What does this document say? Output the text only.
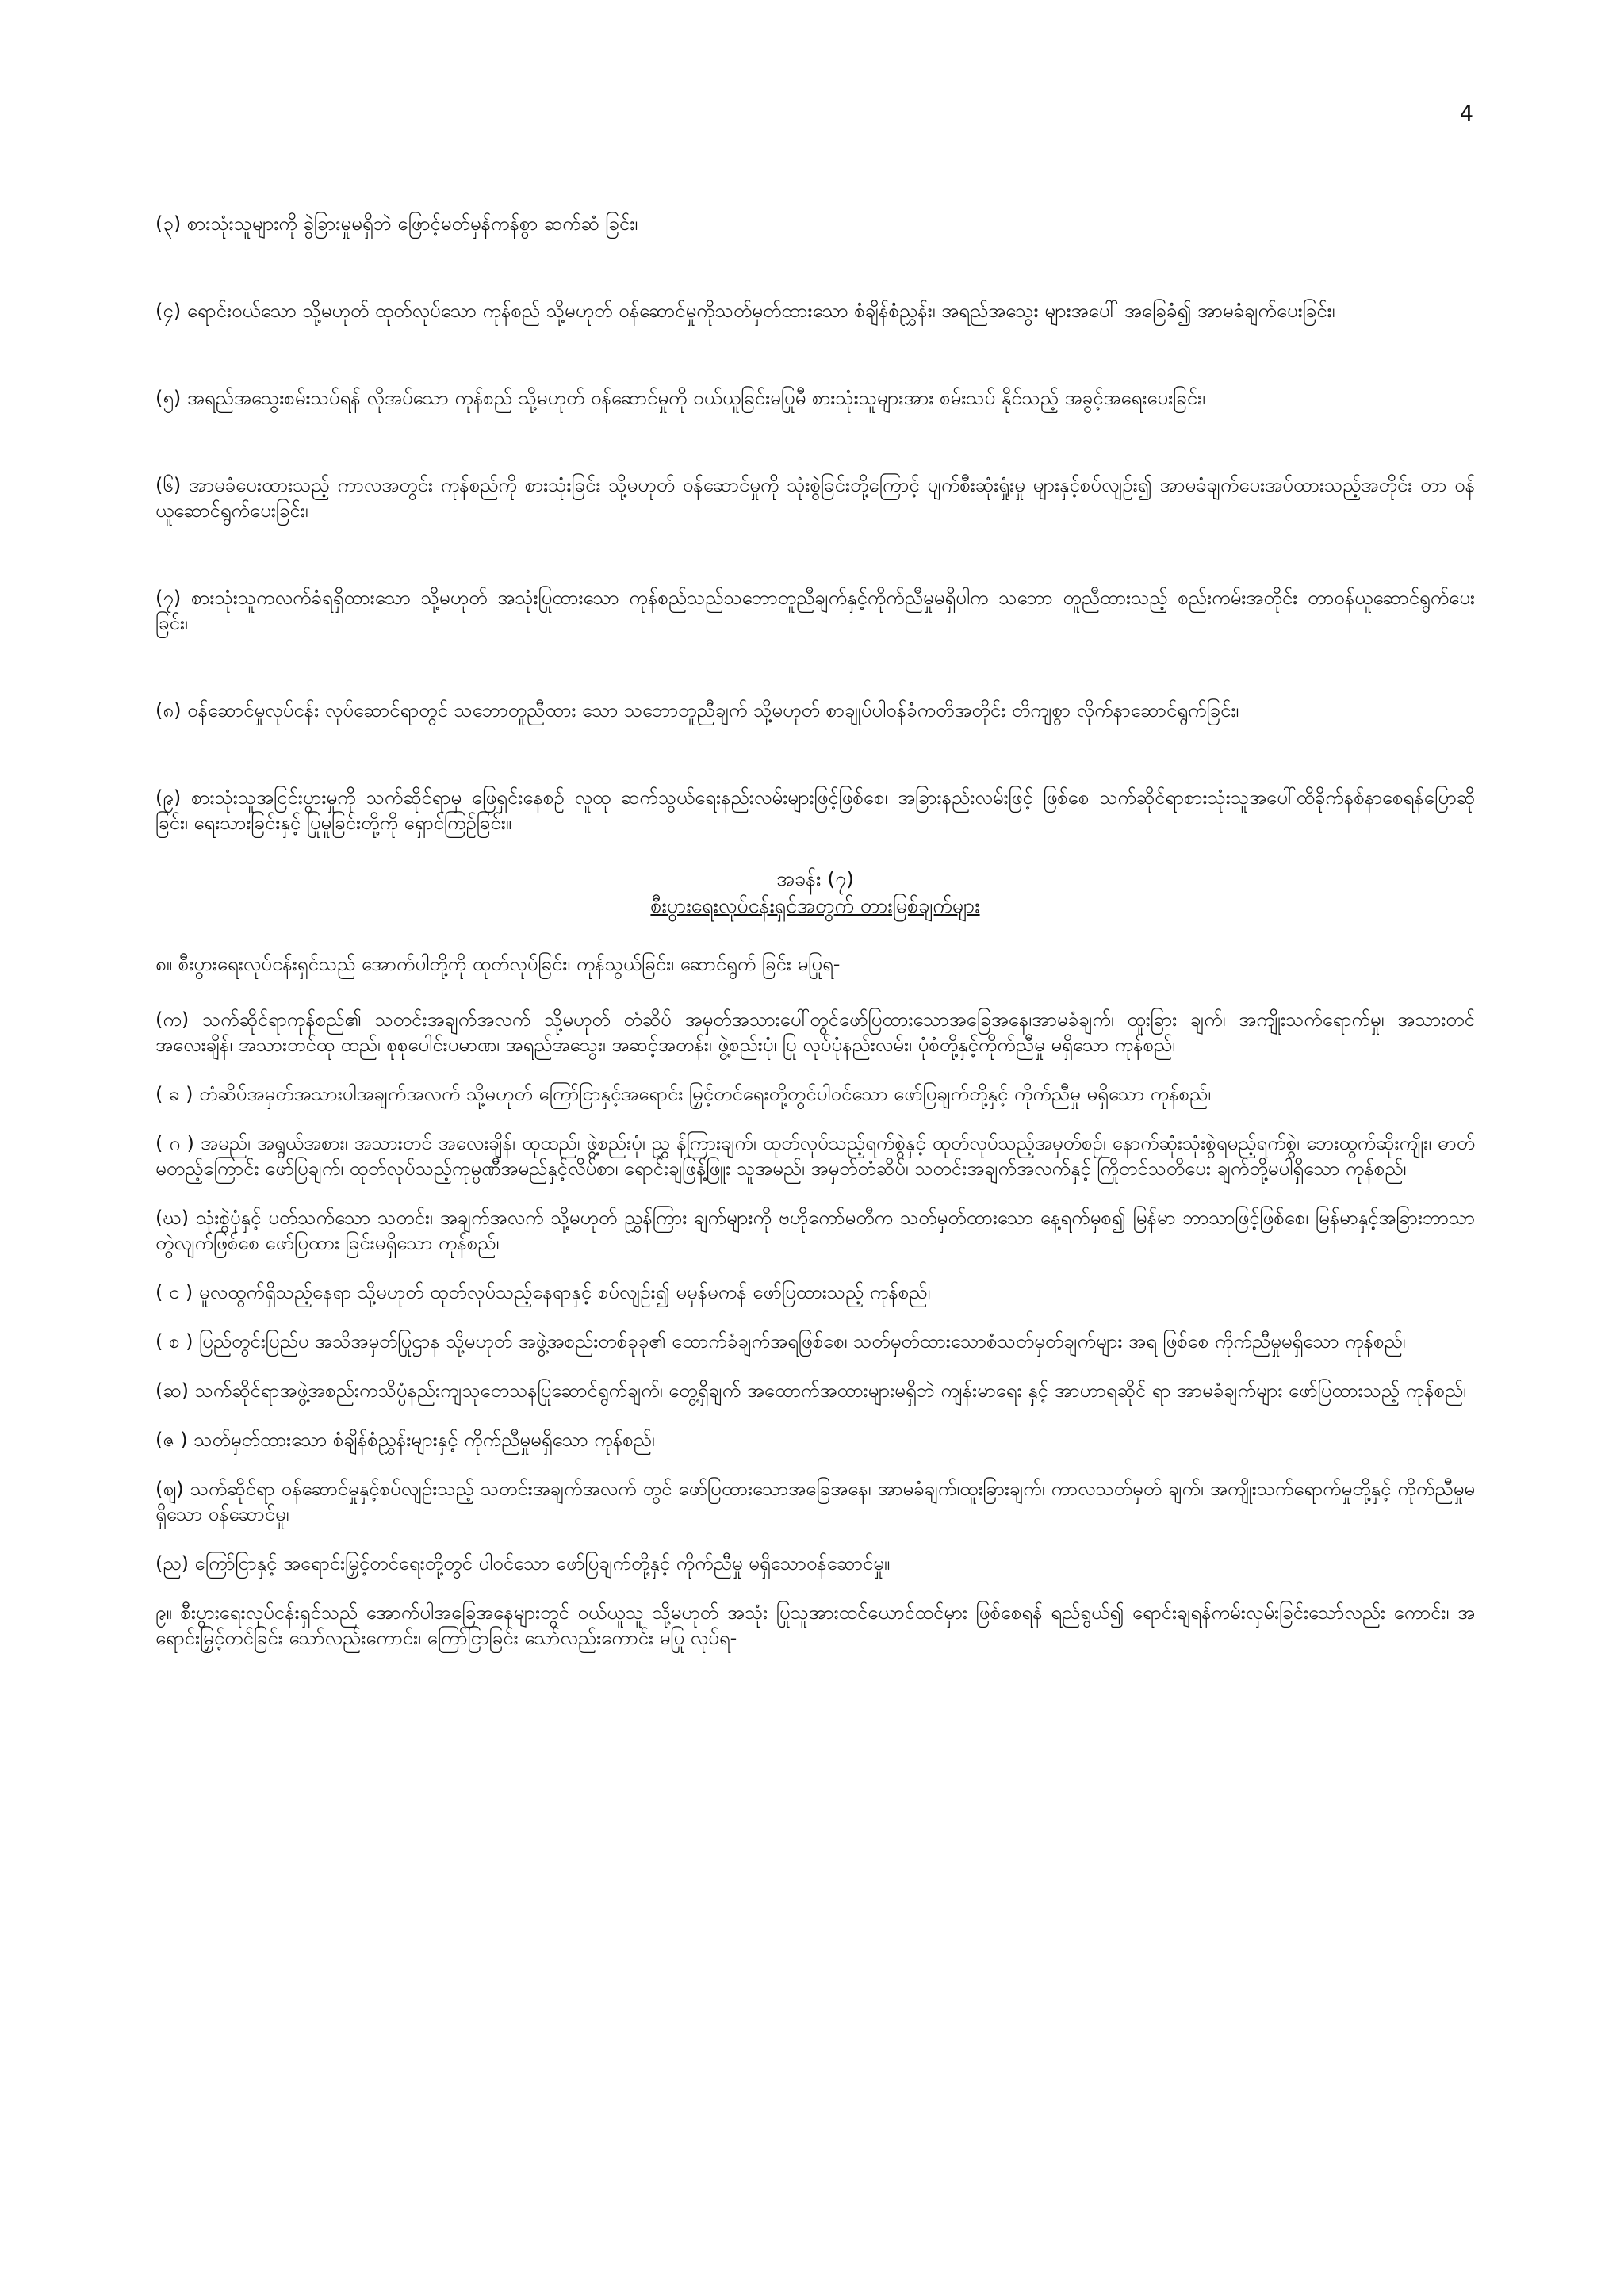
4

(၃) စားသုံးသူများကို ခွဲခြားမှုမရှိဘဲ ဖြောင့်မတ်မှန်ကန်စွာ ဆက်ဆံ ခြင်း၊

(၄) ရောင်းဝယ်သော သို့မဟုတ် ထုတ်လုပ်သော ကုန်စည် သို့မဟုတ် ဝန်ဆောင်မှုကိုသတ်မှတ်ထားသော စံချိန်စံညွှန်း၊ အရည်အသွေး များအပေါ် အခြေခံ၍ အာမခံချက်ပေးခြင်း၊

(၅) အရည်အသွေးစမ်းသပ်ရန် လိုအပ်သော ကုန်စည် သို့မဟုတ် ဝန်ဆောင်မှုကို ဝယ်ယူခြင်းမပြုမီ စားသုံးသူများအား စမ်းသပ် နိုင်သည့် အခွင့်အရေးပေးခြင်း၊

(၆) အာမခံပေးထားသည့် ကာလအတွင်း ကုန်စည်ကို စားသုံးခြင်း သို့မဟုတ် ဝန်ဆောင်မှုကို သုံးစွဲခြင်းတို့ကြောင့် ပျက်စီးဆုံးရှုံးမှု များနှင့်စပ်လျဉ်း၍ အာမခံချက်ပေးအပ်ထားသည့်အတိုင်း တာ ဝန်ယူဆောင်ရွက်ပေးခြင်း၊

(၇) စားသုံးသူကလက်ခံရရှိထားသော သို့မဟုတ် အသုံးပြုထားသော ကုန်စည်သည်သဘောတူညီချက်နှင့်ကိုက်ညီမှုမရှိပါက သဘော တူညီထားသည့် စည်းကမ်းအတိုင်း တာဝန်ယူဆောင်ရွက်ပေး ခြင်း၊

(၈) ဝန်ဆောင်မှုလုပ်ငန်း လုပ်ဆောင်ရာတွင် သဘောတူညီထား သော သဘောတူညီချက် သို့မဟုတ် စာချုပ်ပါဝန်ခံကတိအတိုင်း တိကျစွာ လိုက်နာဆောင်ရွက်ခြင်း၊

(၉) စားသုံးသူအငြင်းပွားမှုကို သက်ဆိုင်ရာမှ ဖြေရှင်းနေစဉ် လူထု ဆက်သွယ်ရေးနည်းလမ်းများဖြင့်ဖြစ်စေ၊ အခြားနည်းလမ်းဖြင့် ဖြစ်စေ သက်ဆိုင်ရာစားသုံးသူအပေါ်ထိခိုက်နစ်နာစေရန်ပြောဆို ခြင်း၊ ရေးသားခြင်းနှင့် ပြုမူခြင်းတို့ကို ရှောင်ကြဉ်ခြင်း။

အခန်း (၇)
စီးပွားရေးလုပ်ငန်းရှင်အတွက် တားမြစ်ချက်များ

၈။ စီးပွားရေးလုပ်ငန်းရှင်သည် အောက်ပါတို့ကို ထုတ်လုပ်ခြင်း၊ ကုန်သွယ်ခြင်း၊ ဆောင်ရွက် ခြင်း မပြုရ-

(က) သက်ဆိုင်ရာကုန်စည်၏ သတင်းအချက်အလက် သို့မဟုတ် တံဆိပ် အမှတ်အသားပေါ်တွင်ဖော်ပြထားသောအခြေအနေ၊အာမခံချက်၊ ထူးခြား ချက်၊ အကျိုးသက်ရောက်မှု၊ အသားတင်အလေးချိန်၊ အသားတင်ထု ထည်၊ စုစုပေါင်းပမာဏ၊ အရည်အသွေး၊ အဆင့်အတန်း၊ ဖွဲ့စည်းပုံ၊ ပြု လုပ်ပုံနည်းလမ်း၊ ပုံစံတို့နှင့်ကိုက်ညီမှု မရှိသော ကုန်စည်၊

( ခ ) တံဆိပ်အမှတ်အသားပါအချက်အလက် သို့မဟုတ် ကြော်ငြာနှင့်အရောင်း မြှင့်တင်ရေးတို့တွင်ပါဝင်သော ဖော်ပြချက်တို့နှင့် ကိုက်ညီမှု မရှိသော ကုန်စည်၊

( ဂ ) အမည်၊ အရွယ်အစား၊ အသားတင် အလေးချိန်၊ ထုထည်၊ ဖွဲ့စည်းပုံ၊ ညွှ န်ကြားချက်၊ ထုတ်လုပ်သည့်ရက်စွဲနှင့် ထုတ်လုပ်သည့်အမှတ်စဉ်၊ နောက်ဆုံးသုံးစွဲရမည့်ရက်စွဲ၊ ဘေးထွက်ဆိုးကျိုး၊ ဓာတ်မတည့်ကြောင်း ဖော်ပြချက်၊ ထုတ်လုပ်သည့်ကုမ္ပဏီအမည်နှင့်လိပ်စာ၊ ရောင်းချဖြန့်ဖြူး သူအမည်၊ အမှတ်တံဆိပ်၊ သတင်းအချက်အလက်နှင့် ကြိုတင်သတိပေး ချက်တို့မပါရှိသော ကုန်စည်၊

(ဃ) သုံးစွဲပုံနှင့် ပတ်သက်သော သတင်း၊ အချက်အလက် သို့မဟုတ် ညွှန်ကြား ချက်များကို ဗဟိုကော်မတီက သတ်မှတ်ထားသော နေ့ရက်မှစ၍ မြန်မာ ဘာသာဖြင့်ဖြစ်စေ၊ မြန်မာနှင့်အခြားဘာသာတွဲလျက်ဖြစ်စေ ဖော်ပြထား ခြင်းမရှိသော ကုန်စည်၊

( င ) မူလထွက်ရှိသည့်နေရာ သို့မဟုတ် ထုတ်လုပ်သည့်နေရာနှင့် စပ်လျဉ်း၍ မမှန်မကန် ဖော်ပြထားသည့် ကုန်စည်၊

( စ ) ပြည်တွင်းပြည်ပ အသိအမှတ်ပြုဌာန သို့မဟုတ် အဖွဲ့အစည်းတစ်ခုခု၏ ထောက်ခံချက်အရဖြစ်စေ၊ သတ်မှတ်ထားသောစံသတ်မှတ်ချက်များ အရ ဖြစ်စေ ကိုက်ညီမှုမရှိသော ကုန်စည်၊

(ဆ) သက်ဆိုင်ရာအဖွဲ့အစည်းကသိပ္ပံနည်းကျသုတေသနပြုဆောင်ရွက်ချက်၊ တွေ့ရှိချက် အထောက်အထားများမရှိဘဲ ကျန်းမာရေး နှင့် အာဟာရဆိုင် ရာ အာမခံချက်များ ဖော်ပြထားသည့် ကုန်စည်၊

(ဇ ) သတ်မှတ်ထားသော စံချိန်စံညွှန်းများနှင့် ကိုက်ညီမှုမရှိသော ကုန်စည်၊

(ဈ) သက်ဆိုင်ရာ ဝန်ဆောင်မှုနှင့်စပ်လျဉ်းသည့် သတင်းအချက်အလက် တွင် ဖော်ပြထားသောအခြေအနေ၊ အာမခံချက်၊ထူးခြားချက်၊ ကာလသတ်မှတ် ချက်၊ အကျိုးသက်ရောက်မှုတို့နှင့် ကိုက်ညီမှုမရှိသော ဝန်ဆောင်မှု၊

(ည) ကြော်ငြာနှင့် အရောင်းမြှင့်တင်ရေးတို့တွင် ပါဝင်သော ဖော်ပြချက်တို့နှင့် ကိုက်ညီမှု မရှိသောဝန်ဆောင်မှု။

၉။ စီးပွားရေးလုပ်ငန်းရှင်သည် အောက်ပါအခြေအနေများတွင် ဝယ်ယူသူ သို့မဟုတ် အသုံး ပြုသူအားထင်ယောင်ထင်မှား ဖြစ်စေရန် ရည်ရွယ်၍ ရောင်းချရန်ကမ်းလှမ်းခြင်းသော်လည်း ကောင်း၊ အရောင်းမြှင့်တင်ခြင်း သော်လည်းကောင်း၊ ကြော်ငြာခြင်း သော်လည်းကောင်း မပြု လုပ်ရ-
